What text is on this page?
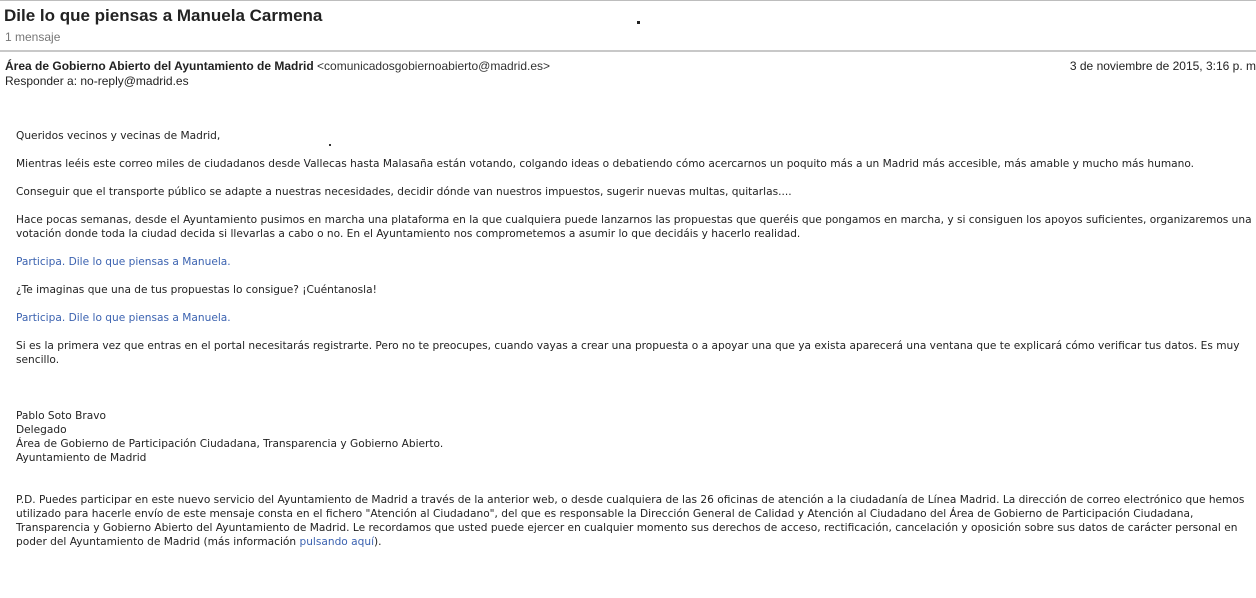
Dile lo que piensas a Manuela Carmena
1 mensaje
Área de Gobierno Abierto del Ayuntamiento de Madrid <comunicadosgobiernoabierto@madrid.es>
Responder a: no-reply@madrid.es
3 de noviembre de 2015, 3:16 p. m

Queridos vecinos y vecinas de Madrid,

Mientras leéis este correo miles de ciudadanos desde Vallecas hasta Malasaña están votando, colgando ideas o debatiendo cómo acercarnos un poquito más a un Madrid más accesible, más amable y mucho más humano.

Conseguir que el transporte público se adapte a nuestras necesidades, decidir dónde van nuestros impuestos, sugerir nuevas multas, quitarlas....

Hace pocas semanas, desde el Ayuntamiento pusimos en marcha una plataforma en la que cualquiera puede lanzarnos las propuestas que queréis que pongamos en marcha, y si consiguen los apoyos suficientes, organizaremos una votación donde toda la ciudad decida si llevarlas a cabo o no. En el Ayuntamiento nos comprometemos a asumir lo que decidáis y hacerlo realidad.

Participa. Dile lo que piensas a Manuela.

¿Te imaginas que una de tus propuestas lo consigue? ¡Cuéntanosla!

Participa. Dile lo que piensas a Manuela.

Si es la primera vez que entras en el portal necesitarás registrarte. Pero no te preocupes, cuando vayas a crear una propuesta o a apoyar una que ya exista aparecerá una ventana que te explicará cómo verificar tus datos. Es muy sencillo.

Pablo Soto Bravo

Delegado

Área de Gobierno de Participación Ciudadana, Transparencia y Gobierno Abierto.

Ayuntamiento de Madrid

P.D. Puedes participar en este nuevo servicio del Ayuntamiento de Madrid a través de la anterior web, o desde cualquiera de las 26 oficinas de atención a la ciudadanía de Línea Madrid. La dirección de correo electrónico que hemos utilizado para hacerle envío de este mensaje consta en el fichero "Atención al Ciudadano", del que es responsable la Dirección General de Calidad y Atención al Ciudadano del Área de Gobierno de Participación Ciudadana, Transparencia y Gobierno Abierto del Ayuntamiento de Madrid. Le recordamos que usted puede ejercer en cualquier momento sus derechos de acceso, rectificación, cancelación y oposición sobre sus datos de carácter personal en poder del Ayuntamiento de Madrid (más información pulsando aquí).
